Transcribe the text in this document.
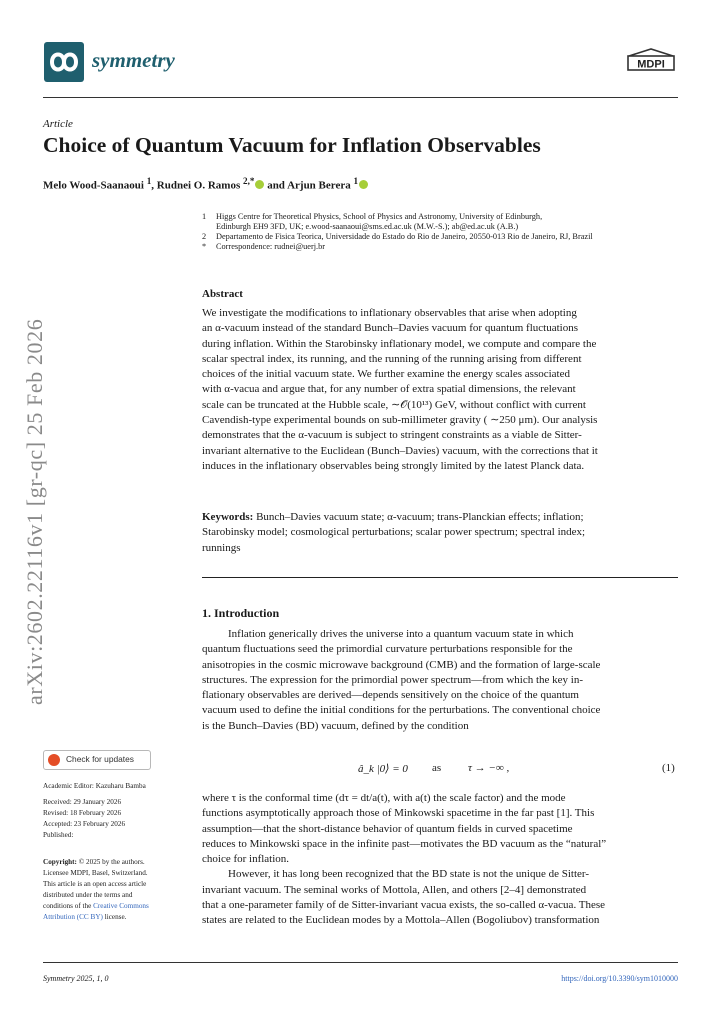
symmetry	MDPI
arXiv:2602.22116v1 [gr-qc] 25 Feb 2026
Article
Choice of Quantum Vacuum for Inflation Observables
Melo Wood-Saanaoui $^1$, Rudnei O. Ramos $^{2,*}$ and Arjun Berera $^1$
1 Higgs Centre for Theoretical Physics, School of Physics and Astronomy, University of Edinburgh,
Edinburgh EH9 3FD, UK; e.wood-saanaoui@sms.ed.ac.uk (M.W.-S.); ab@ed.ac.uk (A.B.)
2 Departamento de Fisica Teorica, Universidade do Estado do Rio de Janeiro, 20550-013 Rio de Janeiro, RJ, Brazil
* Correspondence: rudnei@uerj.br
Abstract
We investigate the modifications to inflationary observables that arise when adopting
an α-vacuum instead of the standard Bunch–Davies vacuum for quantum fluctuations
during inflation. Within the Starobinsky inflationary model, we compute and compare the
scalar spectral index, its running, and the running of the running arising from different
choices of the initial vacuum state. We further examine the energy scales associated
with α-vacua and argue that, for any number of extra spatial dimensions, the relevant
scale can be truncated at the Hubble scale, ∼𝒪(10¹³) GeV, without conflict with current
Cavendish-type experimental bounds on sub-millimeter gravity ( ∼250 μm). Our analysis
demonstrates that the α-vacuum is subject to stringent constraints as a viable de Sitter-
invariant alternative to the Euclidean (Bunch–Davies) vacuum, with the corrections that it
induces in the inflationary observables being strongly limited by the latest Planck data.
Keywords: Bunch–Davies vacuum state; α-vacuum; trans-Planckian effects; inflation;
Starobinsky model; cosmological perturbations; scalar power spectrum; spectral index;
runnings
1. Introduction
Inflation generically drives the universe into a quantum vacuum state in which
quantum fluctuations seed the primordial curvature perturbations responsible for the
anisotropies in the cosmic microwave background (CMB) and the formation of large-scale
structures. The expression for the primordial power spectrum—from which the key in-
flationary observables are derived—depends sensitively on the choice of the quantum
vacuum used to define the initial conditions for the perturbations. The conventional choice
is the Bunch–Davies (BD) vacuum, defined by the condition
â_k |0⟩ = 0 as τ → −∞ ,	(1)
where τ is the conformal time (dτ = dt/a(t), with a(t) the scale factor) and the mode
functions asymptotically approach those of Minkowski spacetime in the far past [1]. This
assumption—that the short-distance behavior of quantum fields in curved spacetime
reduces to Minkowski space in the infinite past—motivates the BD vacuum as the “natural”
choice for inflation.
However, it has long been recognized that the BD state is not the unique de Sitter-
invariant vacuum. The seminal works of Mottola, Allen, and others [2–4] demonstrated
that a one-parameter family of de Sitter-invariant vacua exists, the so-called α-vacua. These
states are related to the Euclidean modes by a Mottola–Allen (Bogoliubov) transformation
Check for updates
Academic Editor: Kazuharu Bamba
Received: 29 January 2026
Revised: 18 February 2026
Accepted: 23 February 2026
Published:
Copyright: © 2025 by the authors.
Licensee MDPI, Basel, Switzerland.
This article is an open access article
distributed under the terms and
conditions of the Creative Commons
Attribution (CC BY) license.
Symmetry 2025, 1, 0	https://doi.org/10.3390/sym1010000
